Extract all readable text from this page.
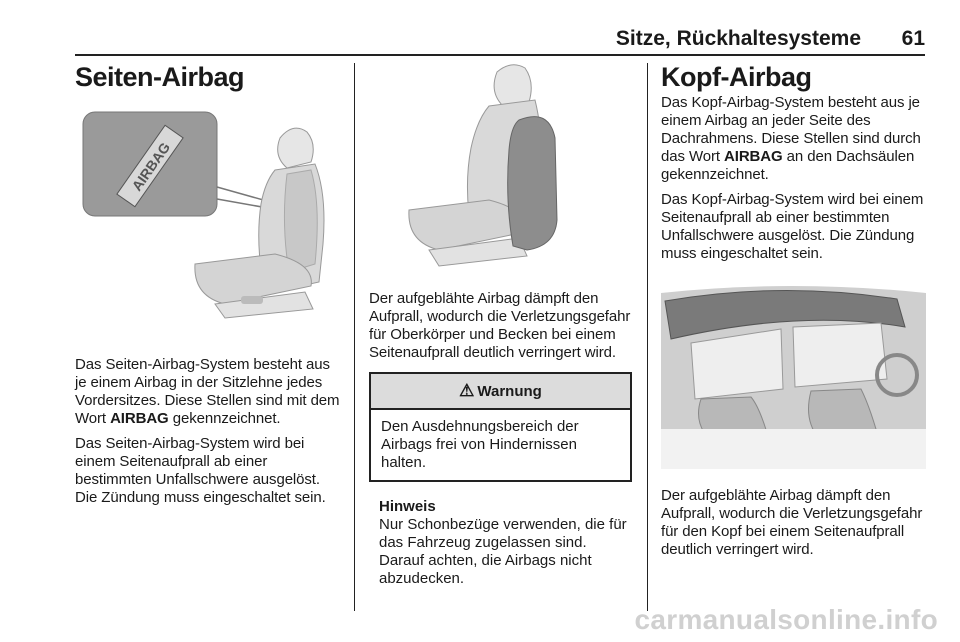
Sitze, Rückhaltesysteme 61
Seiten-Airbag
AIRBAG

Das Seiten-Airbag-System besteht aus je einem Airbag in der Sitzlehne jedes Vordersitzes. Diese Stellen sind mit dem Wort AIRBAG gekennzeichnet.

Das Seiten-Airbag-System wird bei einem Seitenaufprall ab einer bestimmten Unfallschwere ausgelöst. Die Zündung muss eingeschaltet sein.

Der aufgeblähte Airbag dämpft den Aufprall, wodurch die Verletzungsgefahr für Oberkörper und Becken bei einem Seitenaufprall deutlich verringert wird.

⚠ Warnung
Den Ausdehnungsbereich der Airbags frei von Hindernissen halten.
Hinweis
Nur Schonbezüge verwenden, die für das Fahrzeug zugelassen sind. Darauf achten, die Airbags nicht abzudecken.
Kopf-Airbag

Das Kopf-Airbag-System besteht aus je einem Airbag an jeder Seite des Dachrahmens. Diese Stellen sind durch das Wort AIRBAG an den Dachsäulen gekennzeichnet.

Das Kopf-Airbag-System wird bei einem Seitenaufprall ab einer bestimmten Unfallschwere ausgelöst. Die Zündung muss eingeschaltet sein.

Der aufgeblähte Airbag dämpft den Aufprall, wodurch die Verletzungsgefahr für den Kopf bei einem Seitenaufprall deutlich verringert wird.

carmanualsonline.info
